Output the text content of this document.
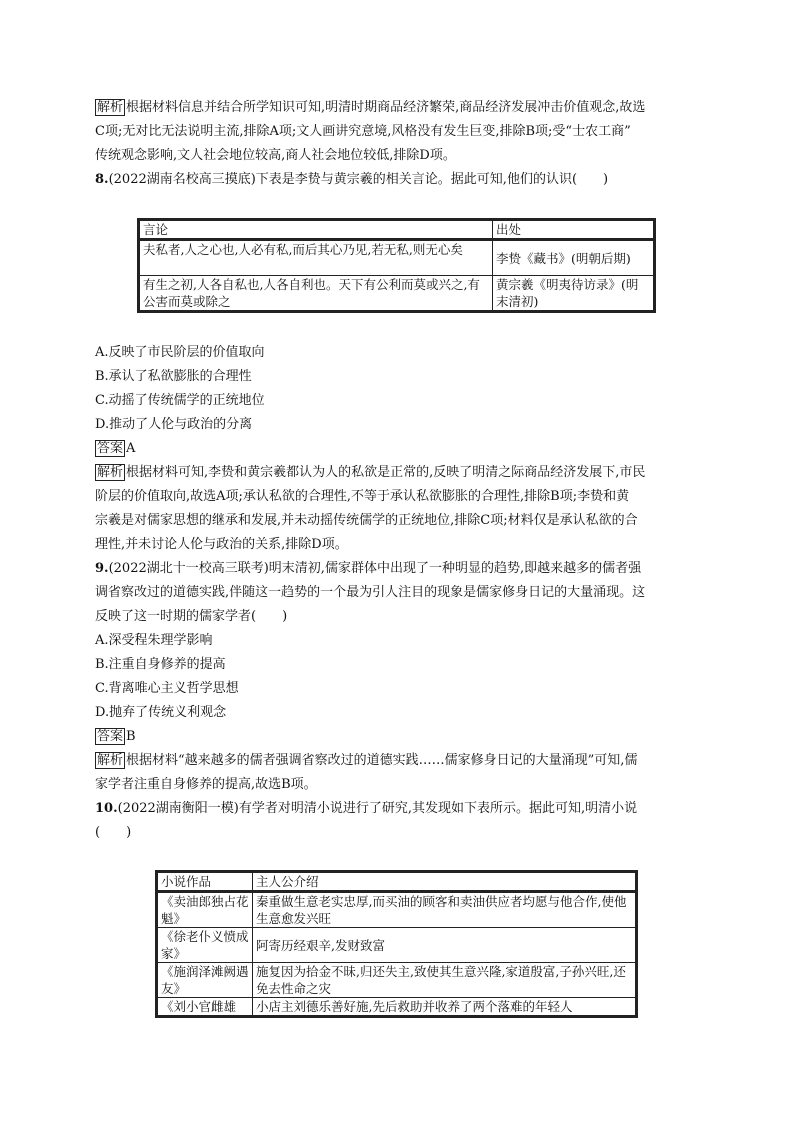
解析 根据材料信息并结合所学知识可知,明清时期商品经济繁荣,商品经济发展冲击价值观念,故选
C项;无对比无法说明主流,排除A项;文人画讲究意境,风格没有发生巨变,排除B项;受“士农工商”
传统观念影响,文人社会地位较高,商人社会地位较低,排除D项。
8.(2022湖南名校高三摸底)下表是李贽与黄宗羲的相关言论。据此可知,他们的认识(　　)
言论	出处
夫私者,人之心也,人必有私,而后其心乃见,若无私,则无心矣	李贽《藏书》(明朝后期)
有生之初,人各自私也,人各自利也。天下有公利而莫或兴之,有公害而莫或除之	黄宗羲《明夷待访录》(明末清初)
A.反映了市民阶层的价值取向
B.承认了私欲膨胀的合理性
C.动摇了传统儒学的正统地位
D.推动了人伦与政治的分离
答案 A
解析 根据材料可知,李贽和黄宗羲都认为人的私欲是正常的,反映了明清之际商品经济发展下,市民
阶层的价值取向,故选A项;承认私欲的合理性,不等于承认私欲膨胀的合理性,排除B项;李贽和黄
宗羲是对儒家思想的继承和发展,并未动摇传统儒学的正统地位,排除C项;材料仅是承认私欲的合
理性,并未讨论人伦与政治的关系,排除D项。
9.(2022湖北十一校高三联考)明末清初,儒家群体中出现了一种明显的趋势,即越来越多的儒者强
调省察改过的道德实践,伴随这一趋势的一个最为引人注目的现象是儒家修身日记的大量涌现。这
反映了这一时期的儒家学者(　　)
A.深受程朱理学影响
B.注重自身修养的提高
C.背离唯心主义哲学思想
D.抛弃了传统义利观念
答案 B
解析 根据材料“越来越多的儒者强调省察改过的道德实践……儒家修身日记的大量涌现”可知,儒
家学者注重自身修养的提高,故选B项。
10.(2022湖南衡阳一模)有学者对明清小说进行了研究,其发现如下表所示。据此可知,明清小说
(　　)
小说作品	主人公介绍
《卖油郎独占花魁》	秦重做生意老实忠厚,而买油的顾客和卖油供应者均愿与他合作,使他生意愈发兴旺
《徐老仆义愤成家》	阿寄历经艰辛,发财致富
《施润泽滩阙遇友》	施复因为拾金不昧,归还失主,致使其生意兴隆,家道殷富,子孙兴旺,还免去性命之灾
《刘小官雌雄	小店主刘德乐善好施,先后救助并收养了两个落难的年轻人
